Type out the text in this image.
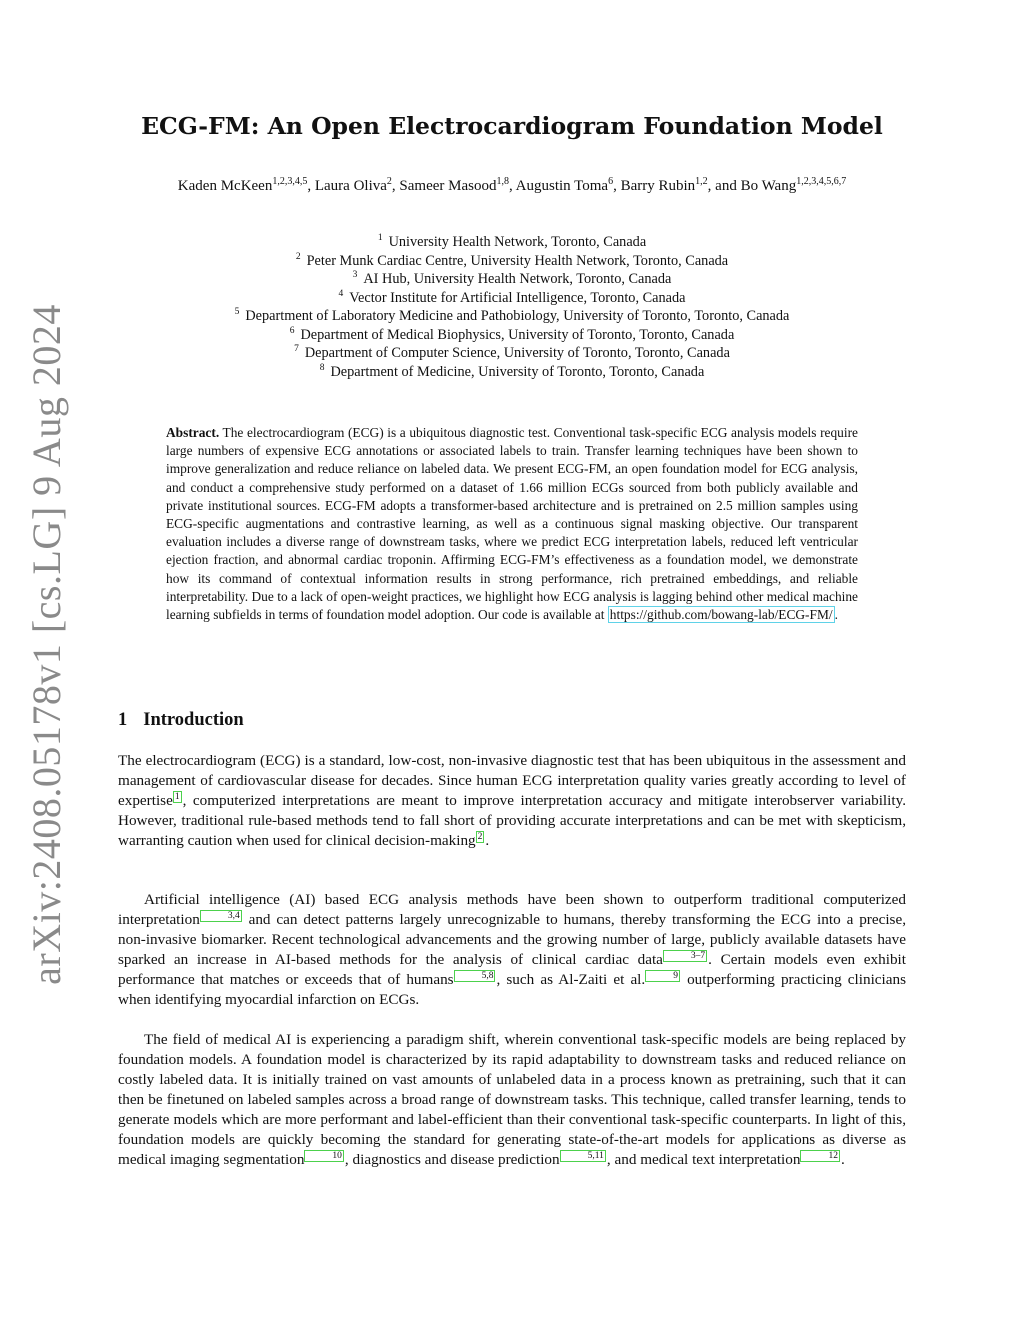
arXiv:2408.05178v1 [cs.LG] 9 Aug 2024
ECG-FM: An Open Electrocardiogram Foundation Model
Kaden McKeen$^{1,2,3,4,5}$, Laura Oliva$^2$, Sameer Masood$^{1,8}$, Augustin Toma$^6$, Barry Rubin$^{1,2}$, and Bo Wang$^{1,2,3,4,5,6,7}$
$^1$ University Health Network, Toronto, Canada
$^2$ Peter Munk Cardiac Centre, University Health Network, Toronto, Canada
$^3$ AI Hub, University Health Network, Toronto, Canada
$^4$ Vector Institute for Artificial Intelligence, Toronto, Canada
$^5$ Department of Laboratory Medicine and Pathobiology, University of Toronto, Toronto, Canada
$^6$ Department of Medical Biophysics, University of Toronto, Toronto, Canada
$^7$ Department of Computer Science, University of Toronto, Toronto, Canada
$^8$ Department of Medicine, University of Toronto, Toronto, Canada
Abstract. The electrocardiogram (ECG) is a ubiquitous diagnostic test. Conventional task-specific ECG analysis models require large numbers of expensive ECG annotations or associated labels to train. Transfer learning techniques have been shown to improve generalization and reduce reliance on labeled data. We present ECG-FM, an open foundation model for ECG analysis, and conduct a comprehensive study performed on a dataset of 1.66 million ECGs sourced from both publicly available and private institutional sources. ECG-FM adopts a transformer-based architecture and is pretrained on 2.5 million samples using ECG-specific augmentations and contrastive learning, as well as a continuous signal masking objective. Our transparent evaluation includes a diverse range of downstream tasks, where we predict ECG interpretation labels, reduced left ventricular ejection fraction, and abnormal cardiac troponin. Affirming ECG-FM’s effectiveness as a foundation model, we demonstrate how its command of contextual information results in strong performance, rich pretrained embeddings, and reliable interpretability. Due to a lack of open-weight practices, we highlight how ECG analysis is lagging behind other medical machine learning subfields in terms of foundation model adoption. Our code is available at https://github.com/bowang-lab/ECG-FM/ .
1 Introduction

The electrocardiogram (ECG) is a standard, low-cost, non-invasive diagnostic test that has been ubiquitous in the assessment and management of cardiovascular disease for decades. Since human ECG interpretation quality varies greatly according to level of expertise 1 , computerized interpretations are meant to improve interpretation accuracy and mitigate interobserver variability. However, traditional rule-based methods tend to fall short of providing accurate interpretations and can be met with skepticism, warranting caution when used for clinical decision-making 2 .

Artificial intelligence (AI) based ECG analysis methods have been shown to outperform traditional computerized interpretation	3,4 and can detect patterns largely unrecognizable to humans, thereby transforming the ECG into a precise, non-invasive biomarker. Recent technological advancements and the growing number of large, publicly available datasets have sparked an increase in AI-based methods for the analysis of clinical cardiac data	3–7 . Certain models even exhibit performance that matches or exceeds that of humans	5,8 , such as Al-Zaiti et al.	9 outperforming practicing clinicians when identifying myocardial infarction on ECGs.

The field of medical AI is experiencing a paradigm shift, wherein conventional task-specific models are being replaced by foundation models. A foundation model is characterized by its rapid adaptability to downstream tasks and reduced reliance on costly labeled data. It is initially trained on vast amounts of unlabeled data in a process known as pretraining, such that it can then be finetuned on labeled samples across a broad range of downstream tasks. This technique, called transfer learning, tends to generate models which are more performant and label-efficient than their conventional task-specific counterparts. In light of this, foundation models are quickly becoming the standard for generating state-of-the-art models for applications as diverse as medical imaging segmentation	10 , diagnostics and disease prediction	5,11 , and medical text interpretation	12 .
